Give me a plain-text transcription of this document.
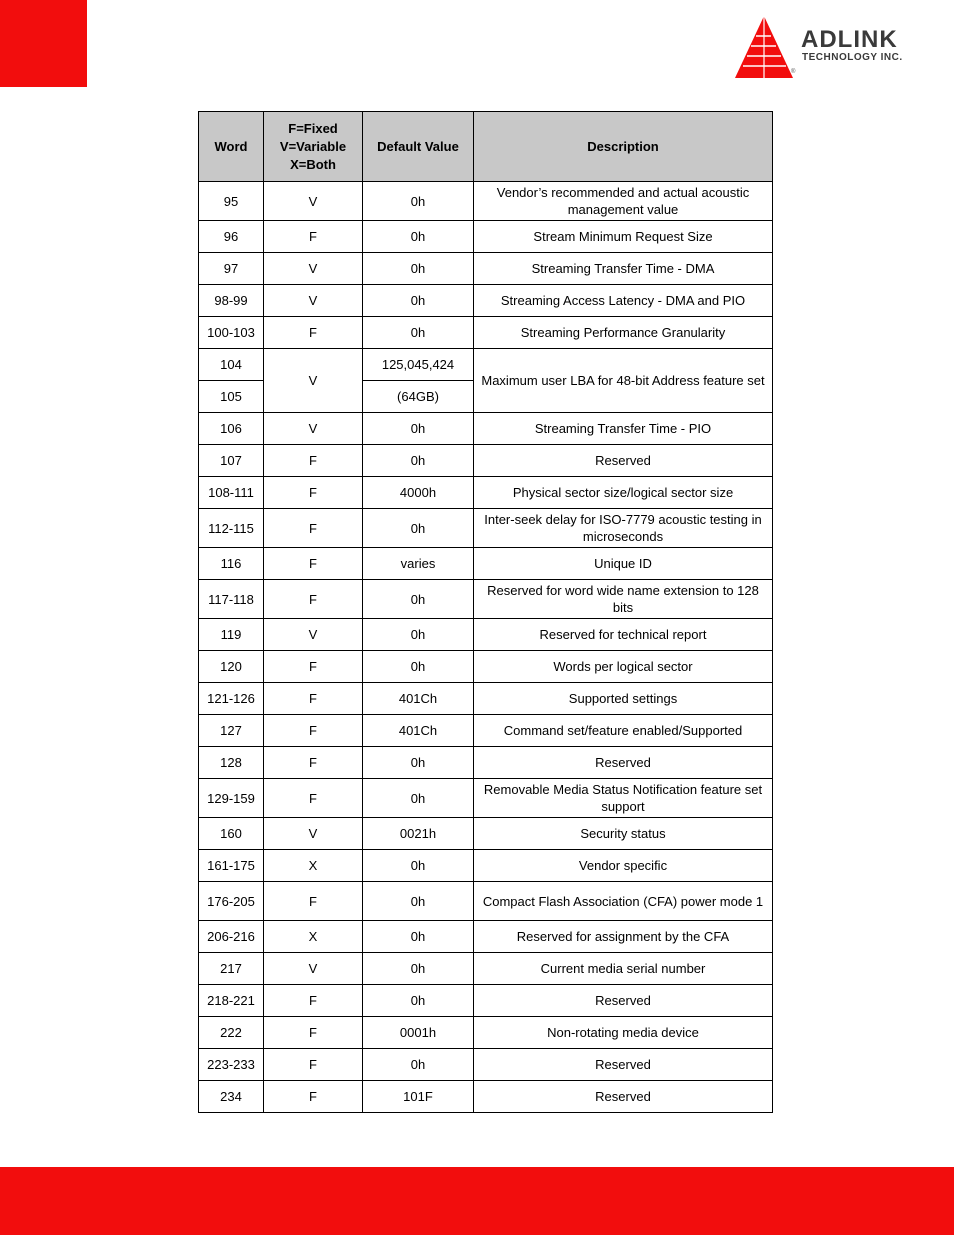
ADLINK
TECHNOLOGY INC.
®
Word	F=Fixed
V=Variable
X=Both	Default Value	Description
95	V	0h	Vendor’s recommended and actual acoustic management value
96	F	0h	Stream Minimum Request Size
97	V	0h	Streaming Transfer Time - DMA
98-99	V	0h	Streaming Access Latency - DMA and PIO
100-103	F	0h	Streaming Performance Granularity
104	V	125,045,424	Maximum user LBA for 48-bit Address feature set
105		(64GB)	
106	V	0h	Streaming Transfer Time - PIO
107	F	0h	Reserved
108-111	F	4000h	Physical sector size/logical sector size
112-115	F	0h	Inter-seek delay for ISO-7779 acoustic testing in microseconds
116	F	varies	Unique ID
117-118	F	0h	Reserved for word wide name extension to 128 bits
119	V	0h	Reserved for technical report
120	F	0h	Words per logical sector
121-126	F	401Ch	Supported settings
127	F	401Ch	Command set/feature enabled/Supported
128	F	0h	Reserved
129-159	F	0h	Removable Media Status Notification feature set support
160	V	0021h	Security status
161-175	X	0h	Vendor specific
176-205	F	0h	Compact Flash Association (CFA) power mode 1
206-216	X	0h	Reserved for assignment by the CFA
217	V	0h	Current media serial number
218-221	F	0h	Reserved
222	F	0001h	Non-rotating media device
223-233	F	0h	Reserved
234	F	101F	Reserved
